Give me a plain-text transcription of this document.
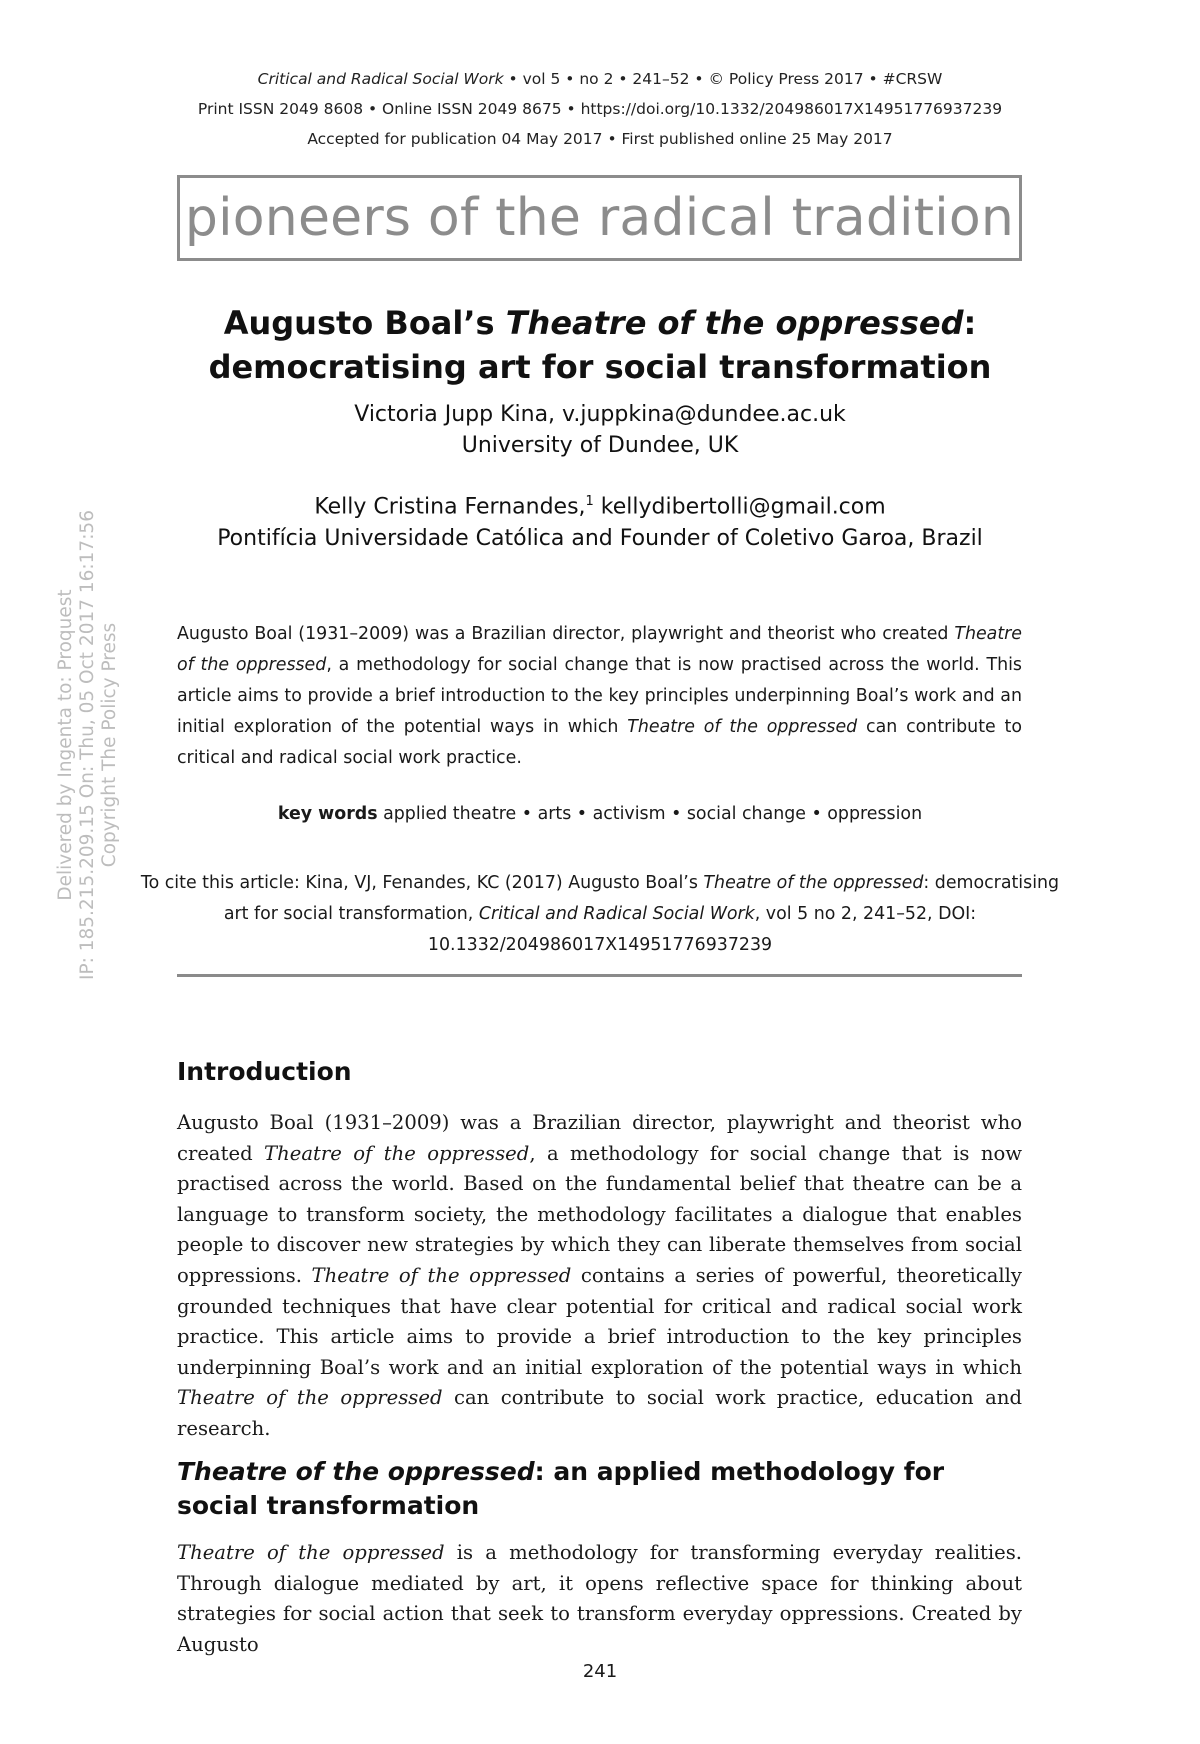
Critical and Radical Social Work • vol 5 • no 2 • 241–52 • © Policy Press 2017 • #CRSW
Print ISSN 2049 8608 • Online ISSN 2049 8675 • https://doi.org/10.1332/204986017X14951776937239
Accepted for publication 04 May 2017 • First published online 25 May 2017
pioneers of the radical tradition
Augusto Boal’s Theatre of the oppressed:
democratising art for social transformation
Victoria Jupp Kina, v.juppkina@dundee.ac.uk
University of Dundee, UK
Kelly Cristina Fernandes,$^1$ kellydibertolli@gmail.com
Pontifícia Universidade Católica and Founder of Coletivo Garoa, Brazil

Augusto Boal (1931–2009) was a Brazilian director, playwright and theorist who created Theatre of the oppressed, a methodology for social change that is now practised across the world. This article aims to provide a brief introduction to the key principles underpinning Boal’s work and an initial exploration of the potential ways in which Theatre of the oppressed can contribute to critical and radical social work practice.

key words applied theatre • arts • activism • social change • oppression
To cite this article: Kina, VJ, Fenandes, KC (2017) Augusto Boal’s Theatre of the oppressed: democratising art for social transformation, Critical and Radical Social Work, vol 5 no 2, 241–52, DOI: 10.1332/204986017X14951776937239
Introduction

Augusto Boal (1931–2009) was a Brazilian director, playwright and theorist who created Theatre of the oppressed, a methodology for social change that is now practised across the world. Based on the fundamental belief that theatre can be a language to transform society, the methodology facilitates a dialogue that enables people to discover new strategies by which they can liberate themselves from social oppressions. Theatre of the oppressed contains a series of powerful, theoretically grounded techniques that have clear potential for critical and radical social work practice. This article aims to provide a brief introduction to the key principles underpinning Boal’s work and an initial exploration of the potential ways in which Theatre of the oppressed can contribute to social work practice, education and research.

Theatre of the oppressed: an applied methodology for social transformation

Theatre of the oppressed is a methodology for transforming everyday realities. Through dialogue mediated by art, it opens reflective space for thinking about strategies for social action that seek to transform everyday oppressions. Created by Augusto

241
Delivered by Ingenta to: Proquest IP: 185.215.209.15 On: Thu, 05 Oct 2017 16:17:56 Copyright The Policy Press
